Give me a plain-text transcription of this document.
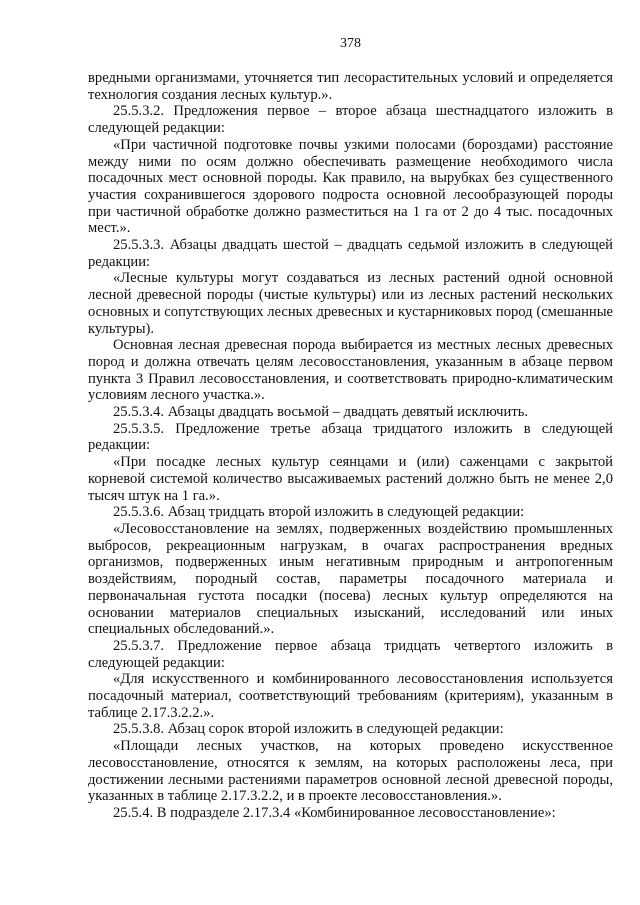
378

вредными организмами, уточняется тип лесорастительных условий и определяется технология создания лесных культур.».

25.5.3.2. Предложения первое – второе абзаца шестнадцатого изложить в следующей редакции:

«При частичной подготовке почвы узкими полосами (бороздами) расстояние между ними по осям должно обеспечивать размещение необходимого числа посадочных мест основной породы. Как правило, на вырубках без существенного участия сохранившегося здорового подроста основной лесообразующей породы при частичной обработке должно разместиться на 1 га от 2 до 4 тыс. посадочных мест.».

25.5.3.3. Абзацы двадцать шестой – двадцать седьмой изложить в следующей редакции:

«Лесные культуры могут создаваться из лесных растений одной основной лесной древесной породы (чистые культуры) или из лесных растений нескольких основных и сопутствующих лесных древесных и кустарниковых пород (смешанные культуры).

Основная лесная древесная порода выбирается из местных лесных древесных пород и должна отвечать целям лесовосстановления, указанным в абзаце первом пункта 3 Правил лесовосстановления, и соответствовать природно-климатическим условиям лесного участка.».

25.5.3.4. Абзацы двадцать восьмой – двадцать девятый исключить.

25.5.3.5. Предложение третье абзаца тридцатого изложить в следующей редакции:

«При посадке лесных культур сеянцами и (или) саженцами с закрытой корневой системой количество высаживаемых растений должно быть не менее 2,0 тысяч штук на 1 га.».

25.5.3.6. Абзац тридцать второй изложить в следующей редакции:

«Лесовосстановление на землях, подверженных воздействию промышленных выбросов, рекреационным нагрузкам, в очагах распространения вредных организмов, подверженных иным негативным природным и антропогенным воздействиям, породный состав, параметры посадочного материала и первоначальная густота посадки (посева) лесных культур определяются на основании материалов специальных изысканий, исследований или иных специальных обследований.».

25.5.3.7. Предложение первое абзаца тридцать четвертого изложить в следующей редакции:

«Для искусственного и комбинированного лесовосстановления используется посадочный материал, соответствующий требованиям (критериям), указанным в таблице 2.17.3.2.2.».

25.5.3.8. Абзац сорок второй изложить в следующей редакции:

«Площади лесных участков, на которых проведено искусственное лесовосстановление, относятся к землям, на которых расположены леса, при достижении лесными растениями параметров основной лесной древесной породы, указанных в таблице 2.17.3.2.2, и в проекте лесовосстановления.».

25.5.4. В подразделе 2.17.3.4 «Комбинированное лесовосстановление»:
